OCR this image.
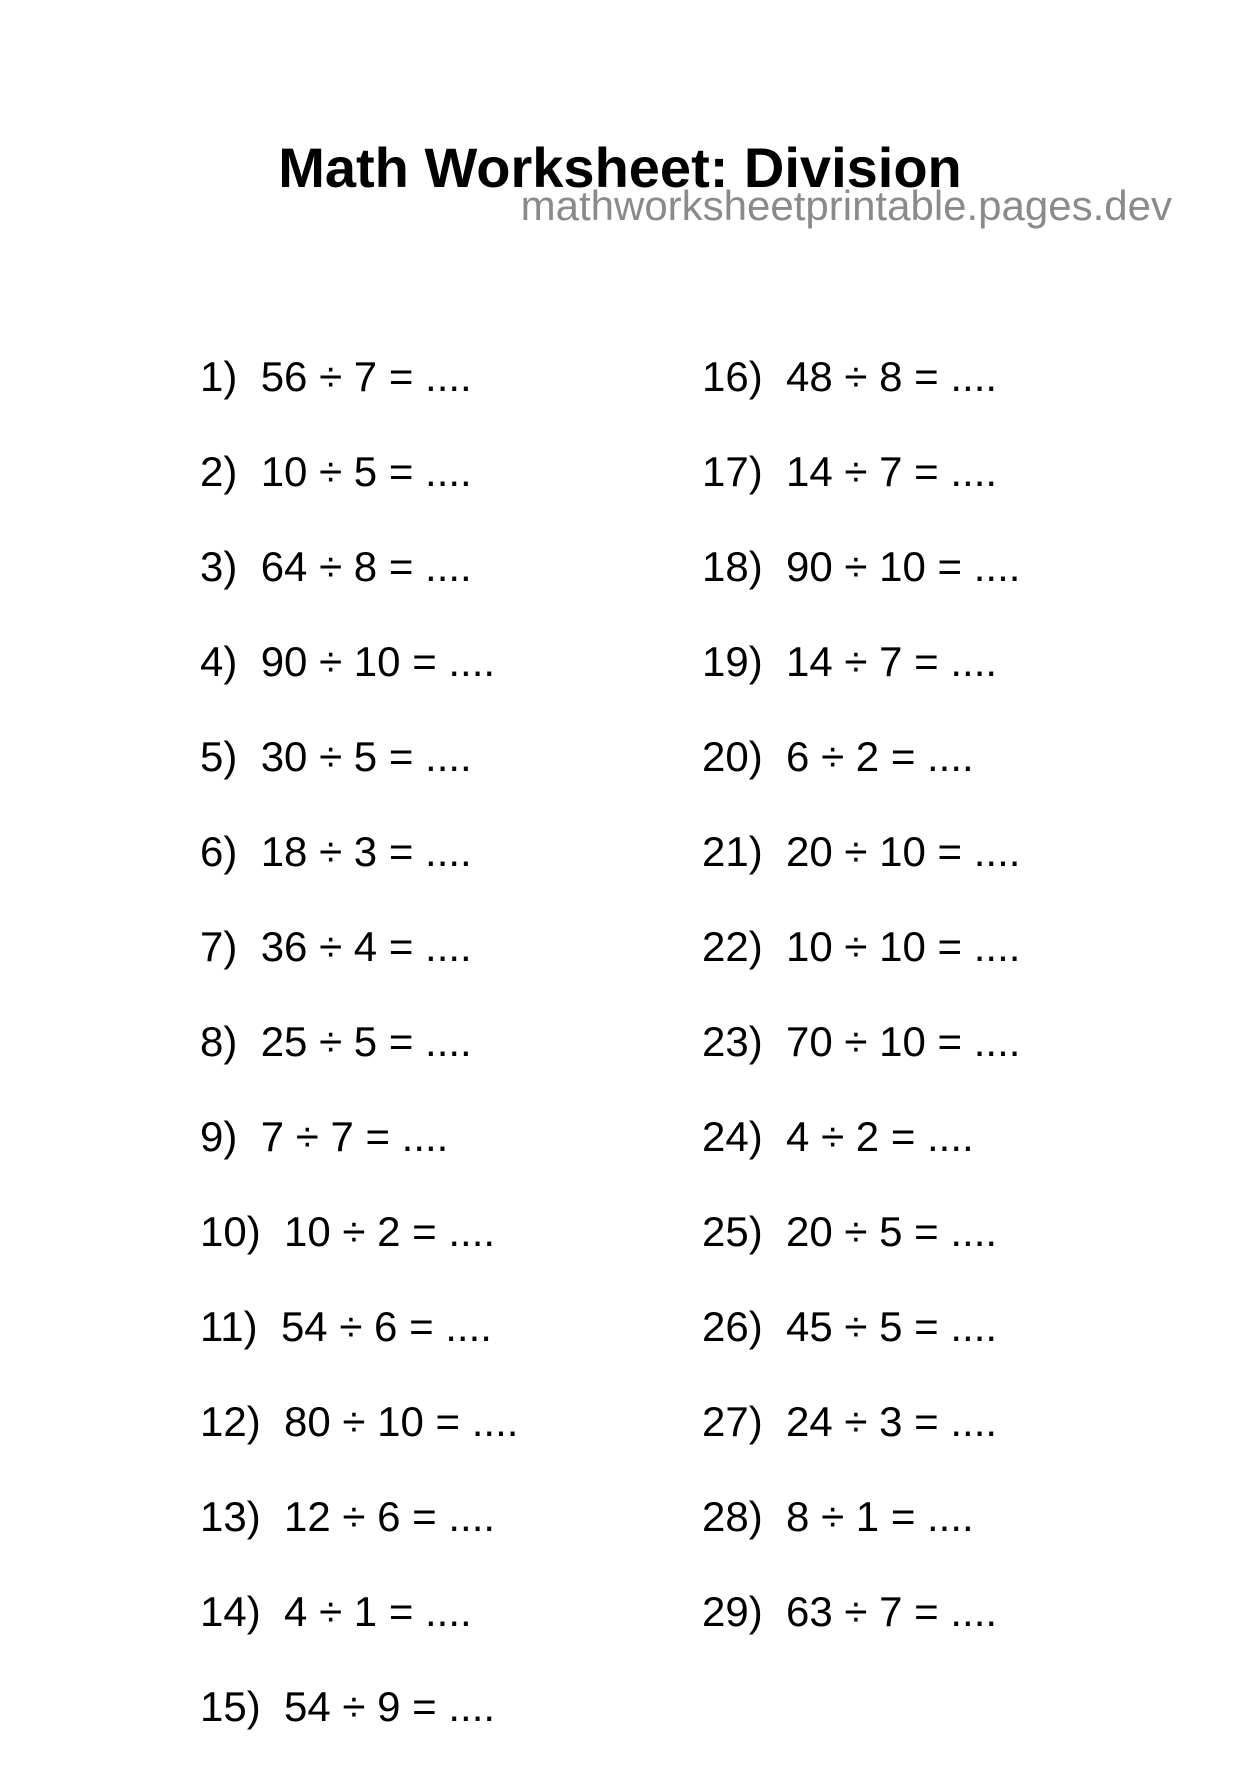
Math Worksheet: Division
mathworksheetprintable.pages.dev
1) 56 ÷ 7 = ....
2) 10 ÷ 5 = ....
3) 64 ÷ 8 = ....
4) 90 ÷ 10 = ....
5) 30 ÷ 5 = ....
6) 18 ÷ 3 = ....
7) 36 ÷ 4 = ....
8) 25 ÷ 5 = ....
9) 7 ÷ 7 = ....
10) 10 ÷ 2 = ....
11) 54 ÷ 6 = ....
12) 80 ÷ 10 = ....
13) 12 ÷ 6 = ....
14) 4 ÷ 1 = ....
15) 54 ÷ 9 = ....
16) 48 ÷ 8 = ....
17) 14 ÷ 7 = ....
18) 90 ÷ 10 = ....
19) 14 ÷ 7 = ....
20) 6 ÷ 2 = ....
21) 20 ÷ 10 = ....
22) 10 ÷ 10 = ....
23) 70 ÷ 10 = ....
24) 4 ÷ 2 = ....
25) 20 ÷ 5 = ....
26) 45 ÷ 5 = ....
27) 24 ÷ 3 = ....
28) 8 ÷ 1 = ....
29) 63 ÷ 7 = ....
